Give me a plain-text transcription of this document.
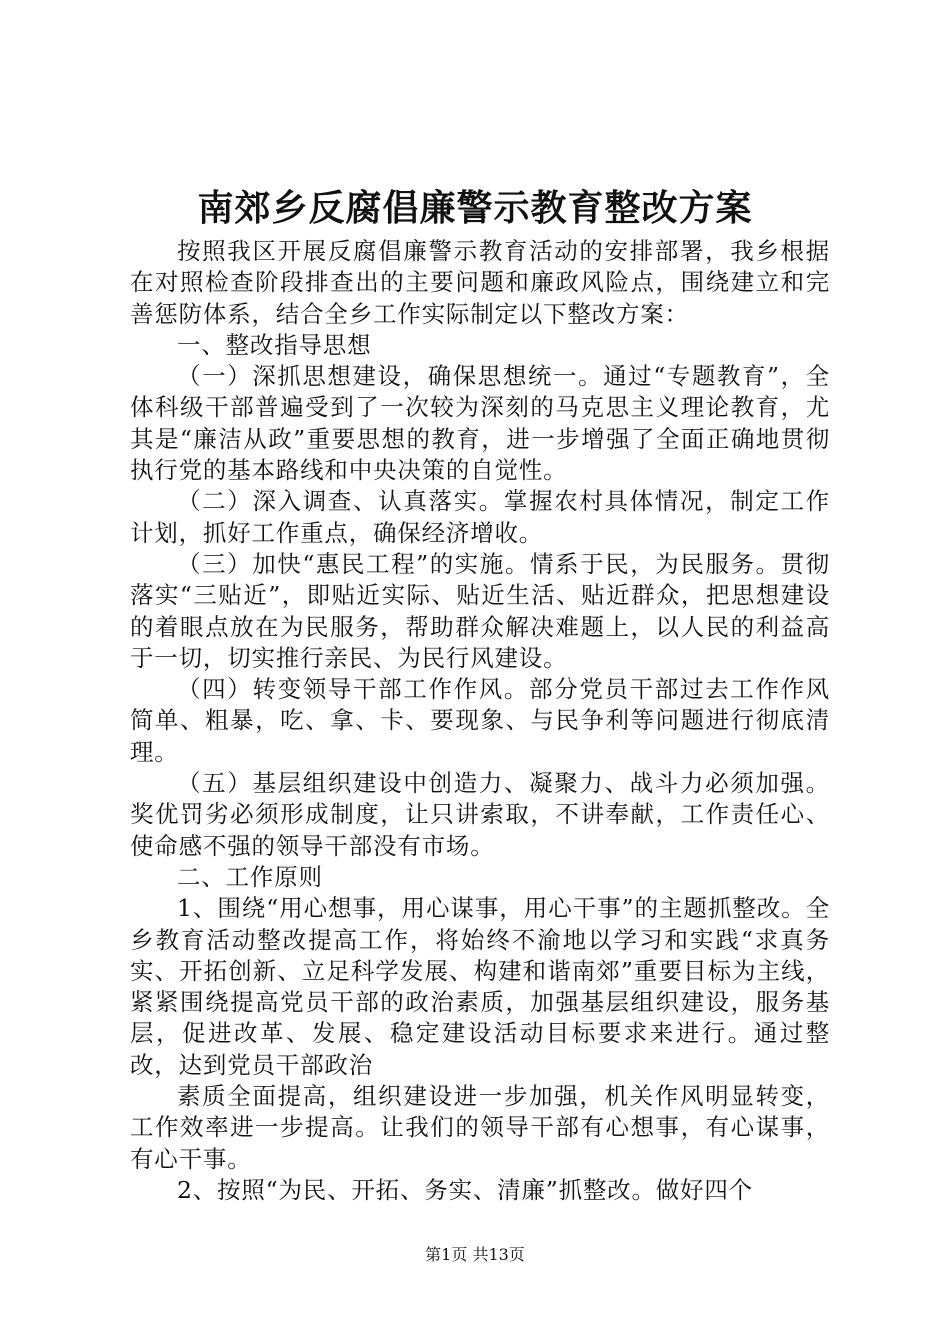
南郊乡反腐倡廉警示教育整改方案

按照我区开展反腐倡廉警示教育活动的安排部署，我乡根据在对照检查阶段排查出的主要问题和廉政风险点，围绕建立和完善惩防体系，结合全乡工作实际制定以下整改方案：

一、整改指导思想

（一）深抓思想建设，确保思想统一。通过“专题教育”，全体科级干部普遍受到了一次较为深刻的马克思主义理论教育，尤其是“廉洁从政”重要思想的教育，进一步增强了全面正确地贯彻执行党的基本路线和中央决策的自觉性。

（二）深入调查、认真落实。掌握农村具体情况，制定工作计划，抓好工作重点，确保经济增收。

（三）加快“惠民工程”的实施。情系于民，为民服务。贯彻落实“三贴近”，即贴近实际、贴近生活、贴近群众，把思想建设的着眼点放在为民服务，帮助群众解决难题上，以人民的利益高于一切，切实推行亲民、为民行风建设。

（四）转变领导干部工作作风。部分党员干部过去工作作风简单、粗暴，吃、拿、卡、要现象、与民争利等问题进行彻底清理。

（五）基层组织建设中创造力、凝聚力、战斗力必须加强。奖优罚劣必须形成制度，让只讲索取，不讲奉献，工作责任心、使命感不强的领导干部没有市场。

二、工作原则

1、围绕“用心想事，用心谋事，用心干事”的主题抓整改。全乡教育活动整改提高工作，将始终不渝地以学习和实践“求真务实、开拓创新、立足科学发展、构建和谐南郊”重要目标为主线，紧紧围绕提高党员干部的政治素质，加强基层组织建设，服务基层，促进改革、发展、稳定建设活动目标要求来进行。通过整改，达到党员干部政治

素质全面提高，组织建设进一步加强，机关作风明显转变，工作效率进一步提高。让我们的领导干部有心想事，有心谋事，有心干事。

2、按照“为民、开拓、务实、清廉”抓整改。做好四个

第1页 共13页
